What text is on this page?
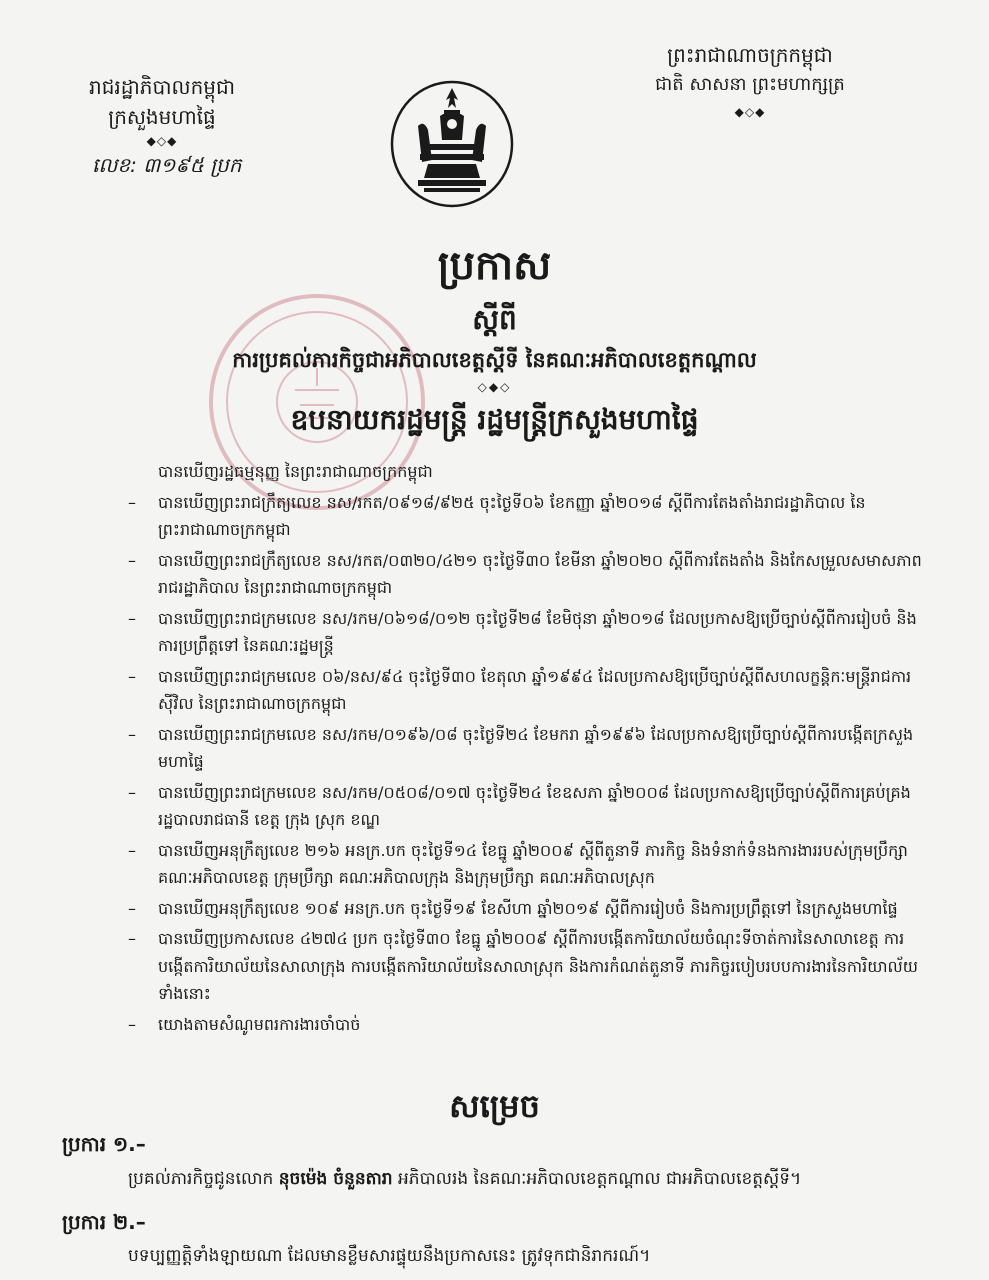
រាជរដ្ឋាភិបាលកម្ពុជា
ក្រសួងមហាផ្ទៃ
◆◇◆
លេខ: ៣១៩៥ ប្រក
ព្រះរាជាណាចក្រកម្ពុជា
ជាតិ សាសនា ព្រះមហាក្សត្រ
◆◇◆
ប្រកាស
ស្តីពី
ការប្រគល់ភារកិច្ចជាអភិបាលខេត្តស្តីទី នៃគណៈអភិបាលខេត្តកណ្តាល
◇◆◇
ឧបនាយករដ្ឋមន្ត្រី រដ្ឋមន្ត្រីក្រសួងមហាផ្ទៃ
បានឃើញរដ្ឋធម្មនុញ្ញ នៃព្រះរាជាណាចក្រកម្ពុជា
– បានឃើញព្រះរាជក្រឹត្យលេខ នស/រកត/០៩១៨/៩២៥ ចុះថ្ងៃទី០៦ ខែកញ្ញា ឆ្នាំ២០១៨ ស្តីពីការតែងតាំងរាជរដ្ឋាភិបាល នៃព្រះរាជាណាចក្រកម្ពុជា
– បានឃើញព្រះរាជក្រឹត្យលេខ នស/រកត/០៣២០/៤២១ ចុះថ្ងៃទី៣០ ខែមីនា ឆ្នាំ២០២០ ស្តីពីការតែងតាំង និងកែសម្រួលសមាសភាពរាជរដ្ឋាភិបាល នៃព្រះរាជាណាចក្រកម្ពុជា
– បានឃើញព្រះរាជក្រមលេខ នស/រកម/០៦១៨/០១២ ចុះថ្ងៃទី២៨ ខែមិថុនា ឆ្នាំ២០១៨ ដែលប្រកាសឱ្យប្រើច្បាប់ស្តីពីការរៀបចំ និងការប្រព្រឹត្តទៅ នៃគណៈរដ្ឋមន្ត្រី
– បានឃើញព្រះរាជក្រមលេខ ០៦/នស/៩៤ ចុះថ្ងៃទី៣០ ខែតុលា ឆ្នាំ១៩៩៤ ដែលប្រកាសឱ្យប្រើច្បាប់ស្តីពីសហលក្ខន្តិកៈមន្ត្រីរាជការស៊ីវិល នៃព្រះរាជាណាចក្រកម្ពុជា
– បានឃើញព្រះរាជក្រមលេខ នស/រកម/០១៩៦/០៨ ចុះថ្ងៃទី២៤ ខែមករា ឆ្នាំ១៩៩៦ ដែលប្រកាសឱ្យប្រើច្បាប់ស្តីពីការបង្កើតក្រសួងមហាផ្ទៃ
– បានឃើញព្រះរាជក្រមលេខ នស/រកម/០៥០៨/០១៧ ចុះថ្ងៃទី២៤ ខែឧសភា ឆ្នាំ២០០៨ ដែលប្រកាសឱ្យប្រើច្បាប់ស្តីពីការគ្រប់គ្រងរដ្ឋបាលរាជធានី ខេត្ត ក្រុង ស្រុក ខណ្ឌ
– បានឃើញអនុក្រឹត្យលេខ ២១៦ អនក្រ.បក ចុះថ្ងៃទី១៤ ខែធ្នូ ឆ្នាំ២០០៩ ស្តីពីតួនាទី ភារកិច្ច និងទំនាក់ទំនងការងាររបស់ក្រុមប្រឹក្សា គណៈអភិបាលខេត្ត ក្រុមប្រឹក្សា គណៈអភិបាលក្រុង និងក្រុមប្រឹក្សា គណៈអភិបាលស្រុក
– បានឃើញអនុក្រឹត្យលេខ ១០៩ អនក្រ.បក ចុះថ្ងៃទី១៩ ខែសីហា ឆ្នាំ២០១៩ ស្តីពីការរៀបចំ និងការប្រព្រឹត្តទៅ នៃក្រសួងមហាផ្ទៃ
– បានឃើញប្រកាសលេខ ៤២៧៤ ប្រក ចុះថ្ងៃទី៣០ ខែធ្នូ ឆ្នាំ២០០៩ ស្តីពីការបង្កើតការិយាល័យចំណុះទីចាត់ការនៃសាលាខេត្ត ការបង្កើតការិយាល័យនៃសាលាក្រុង ការបង្កើតការិយាល័យនៃសាលាស្រុក និងការកំណត់តួនាទី ភារកិច្ចរបៀបរបបការងារនៃការិយាល័យទាំងនោះ
– យោងតាមសំណូមពរការងារចាំបាច់
សម្រេច
ប្រការ ១.–
ប្រគល់ភារកិច្ចជូនលោក នុចម៉េង ចំនួនតារា អភិបាលរង នៃគណៈអភិបាលខេត្តកណ្តាល ជាអភិបាលខេត្តស្តីទី។
ប្រការ ២.–
បទប្បញ្ញត្តិទាំងឡាយណា ដែលមានខ្លឹមសារផ្ទុយនឹងប្រកាសនេះ ត្រូវទុកជានិរាករណ៍។
